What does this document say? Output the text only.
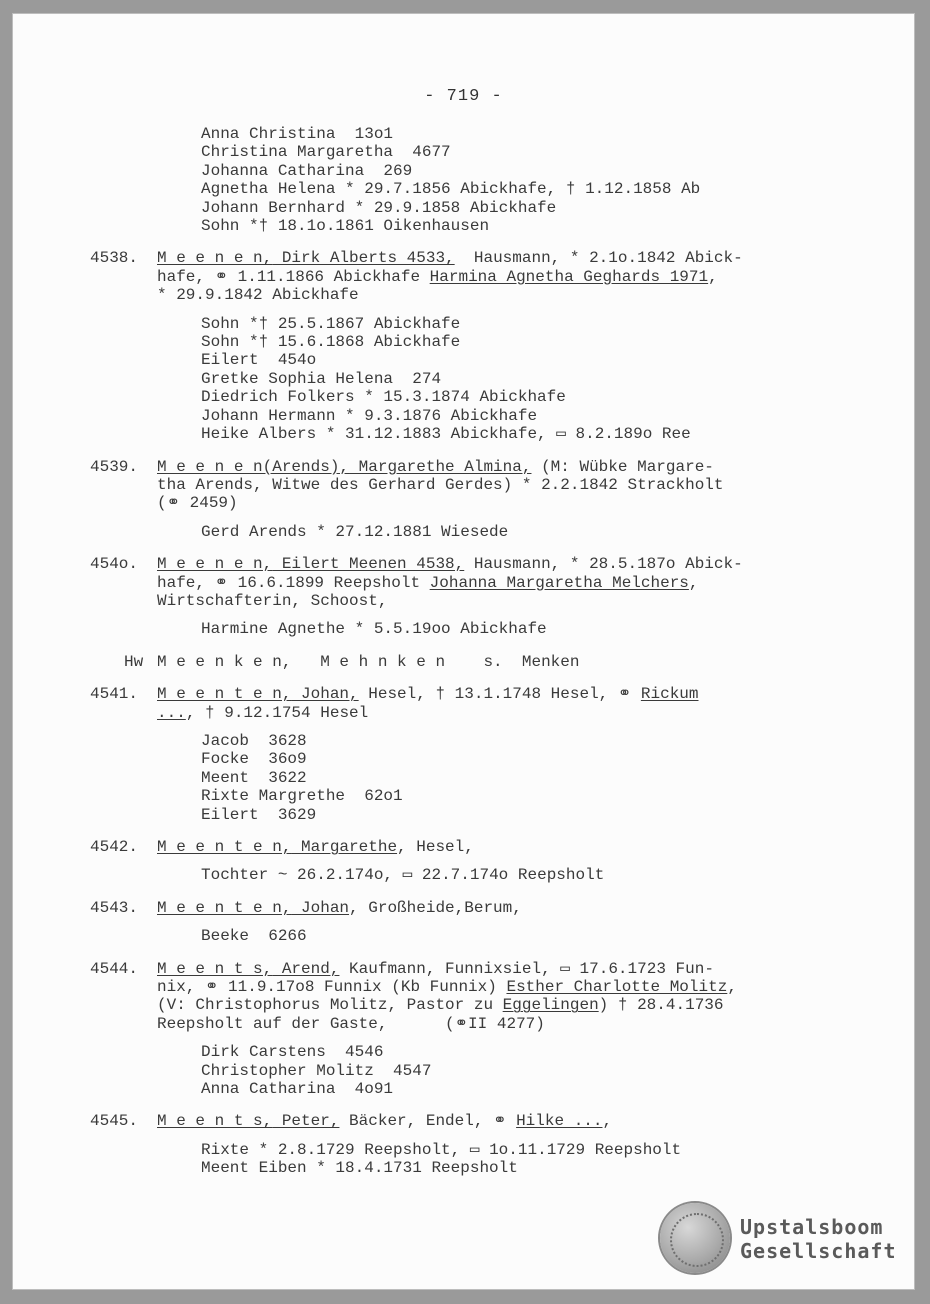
- 719 -
Anna Christina  13o1
Christina Margaretha  4677
Johanna Catharina  269
Agnetha Helena * 29.7.1856 Abickhafe, † 1.12.1858 Ab
Johann Bernhard * 29.9.1858 Abickhafe
Sohn *† 18.1o.1861 Oikenhausen
4538.	M e e n e n, Dirk Alberts 4533,  Hausmann, * 2.1o.1842 Abick-
hafe, ⚭ 1.11.1866 Abickhafe Harmina Agnetha Geghards 1971,
* 29.9.1842 Abickhafe
Sohn *† 25.5.1867 Abickhafe
Sohn *† 15.6.1868 Abickhafe
Eilert  454o
Gretke Sophia Helena  274
Diedrich Folkers * 15.3.1874 Abickhafe
Johann Hermann * 9.3.1876 Abickhafe
Heike Albers * 31.12.1883 Abickhafe, ▭ 8.2.189o Ree
4539.	M e e n e n(Arends), Margarethe Almina, (M: Wübke Margare-
tha Arends, Witwe des Gerhard Gerdes) * 2.2.1842 Strackholt
(⚭ 2459)
Gerd Arends * 27.12.1881 Wiesede
454o.	M e e n e n, Eilert Meenen 4538, Hausmann, * 28.5.187o Abick-
hafe, ⚭ 16.6.1899 Reepsholt Johanna Margaretha Melchers,
Wirtschafterin, Schoost,
Harmine Agnethe * 5.5.19oo Abickhafe
Hw M e e n k e n,   M e h n k e n    s.  Menken
4541.	M e e n t e n, Johan, Hesel, † 13.1.1748 Hesel, ⚭ Rickum
..., † 9.12.1754 Hesel
Jacob  3628
Focke  36o9
Meent  3622
Rixte Margrethe  62o1
Eilert  3629
4542.	M e e n t e n, Margarethe, Hesel,
Tochter ~ 26.2.174o, ▭ 22.7.174o Reepsholt
4543.	M e e n t e n, Johan, Großheide,Berum,
Beeke  6266
4544.	M e e n t s, Arend, Kaufmann, Funnixsiel, ▭ 17.6.1723 Fun-
nix, ⚭ 11.9.17o8 Funnix (Kb Funnix) Esther Charlotte Molitz,
(V: Christophorus Molitz, Pastor zu Eggelingen) † 28.4.1736
Reepsholt auf der Gaste,      (⚭II 4277)
Dirk Carstens  4546
Christopher Molitz  4547
Anna Catharina  4o91
4545.	M e e n t s, Peter, Bäcker, Endel, ⚭ Hilke ...,
Rixte * 2.8.1729 Reepsholt, ▭ 1o.11.1729 Reepsholt
Meent Eiben * 18.4.1731 Reepsholt
Upstalsboom
Gesellschaft
